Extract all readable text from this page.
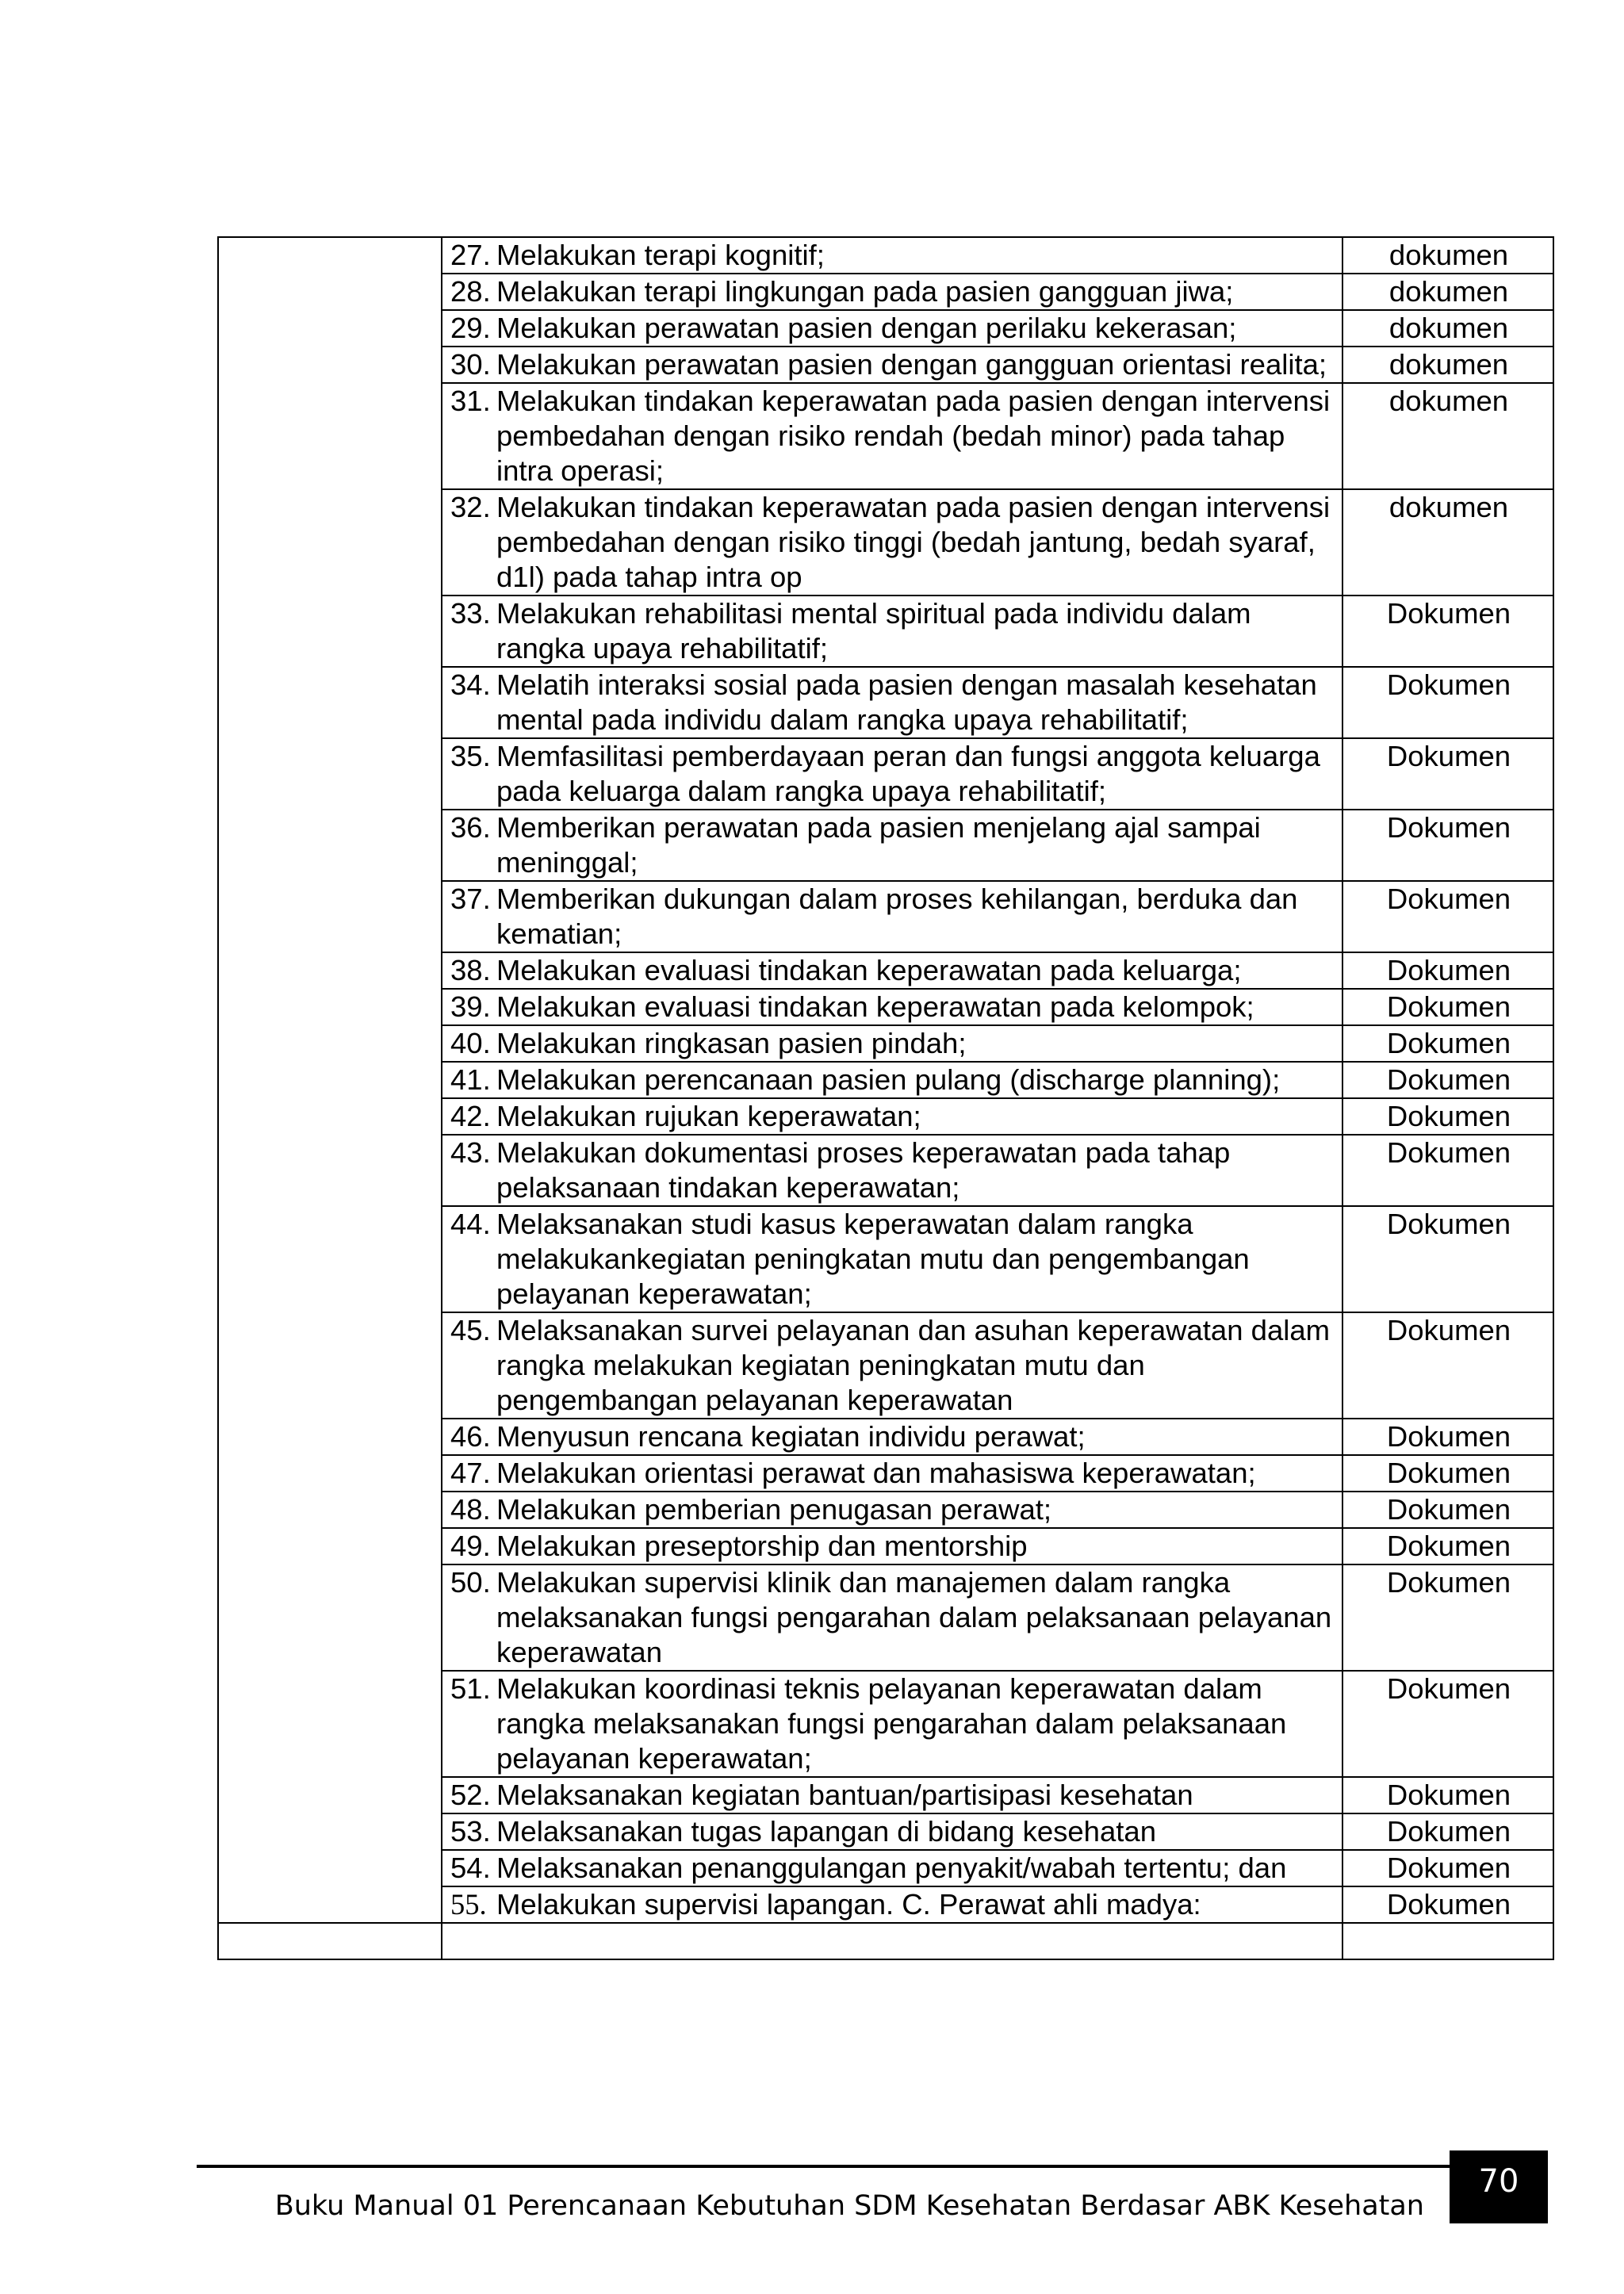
	27. Melakukan terapi kognitif;	dokumen

	28. Melakukan terapi lingkungan pada pasien gangguan jiwa;	dokumen

	29. Melakukan perawatan pasien dengan perilaku kekerasan;	dokumen

	30. Melakukan perawatan pasien dengan gangguan orientasi realita;	dokumen

	31. Melakukan tindakan keperawatan pada pasien dengan intervensi pembedahan dengan risiko rendah (bedah minor) pada tahap intra operasi;	dokumen

	32. Melakukan tindakan keperawatan pada pasien dengan intervensi pembedahan dengan risiko tinggi (bedah jantung, bedah syaraf, d1l) pada tahap intra op	dokumen

	33. Melakukan rehabilitasi mental spiritual pada individu dalam rangka upaya rehabilitatif;	Dokumen

	34. Melatih interaksi sosial pada pasien dengan masalah kesehatan mental pada individu dalam rangka upaya rehabilitatif;	Dokumen

	35. Memfasilitasi pemberdayaan peran dan fungsi anggota keluarga pada keluarga dalam rangka upaya rehabilitatif;	Dokumen

	36. Memberikan perawatan pada pasien menjelang ajal sampai meninggal;	Dokumen

	37. Memberikan dukungan dalam proses kehilangan, berduka dan kematian;	Dokumen

	38. Melakukan evaluasi tindakan keperawatan pada keluarga;	Dokumen

	39. Melakukan evaluasi tindakan keperawatan pada kelompok;	Dokumen

	40. Melakukan ringkasan pasien pindah;	Dokumen

	41. Melakukan perencanaan pasien pulang (discharge planning);	Dokumen

	42. Melakukan rujukan keperawatan;	Dokumen

	43. Melakukan dokumentasi proses keperawatan pada tahap pelaksanaan tindakan keperawatan;	Dokumen

	44. Melaksanakan studi kasus keperawatan dalam rangka melakukankegiatan peningkatan mutu dan pengembangan pelayanan keperawatan;	Dokumen

	45. Melaksanakan survei pelayanan dan asuhan keperawatan dalam rangka melakukan kegiatan peningkatan mutu dan pengembangan pelayanan keperawatan	Dokumen

	46. Menyusun rencana kegiatan individu perawat;	Dokumen

	47. Melakukan orientasi perawat dan mahasiswa keperawatan;	Dokumen

	48. Melakukan pemberian penugasan perawat;	Dokumen

	49. Melakukan preseptorship dan mentorship	Dokumen

	50. Melakukan supervisi klinik dan manajemen dalam rangka melaksanakan fungsi pengarahan dalam pelaksanaan pelayanan keperawatan	Dokumen

	51. Melakukan koordinasi teknis pelayanan keperawatan dalam rangka melaksanakan fungsi pengarahan dalam pelaksanaan pelayanan keperawatan;	Dokumen

	52. Melaksanakan kegiatan bantuan/partisipasi kesehatan	Dokumen

	53. Melaksanakan tugas lapangan di bidang kesehatan	Dokumen

	54. Melaksanakan penanggulangan penyakit/wabah tertentu; dan	Dokumen

	55. Melakukan supervisi lapangan. C. Perawat ahli madya:	Dokumen

Buku Manual 01 Perencanaan Kebutuhan SDM Kesehatan Berdasar ABK Kesehatan
70
